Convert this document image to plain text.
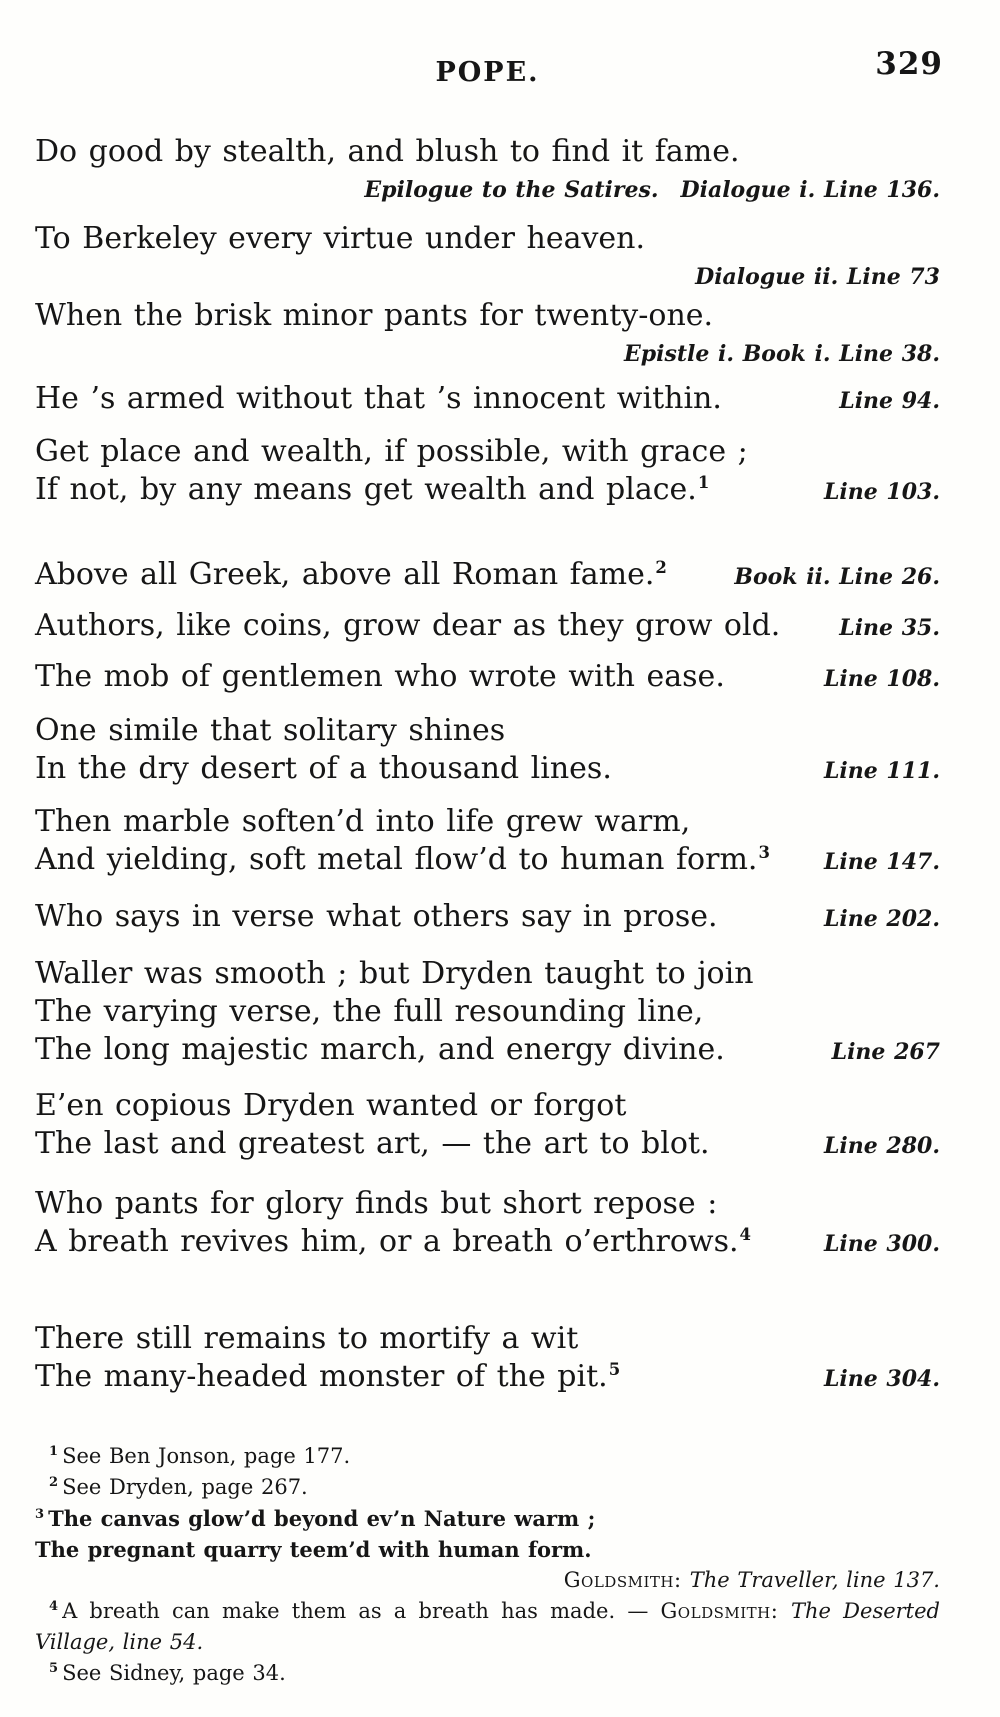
POPE.	329
Do good by stealth, and blush to find it fame.
Epilogue to the Satires. Dialogue i. Line 136.
To Berkeley every virtue under heaven.
Dialogue ii. Line 73
When the brisk minor pants for twenty-one.
Epistle i. Book i. Line 38.
He ’s armed without that ’s innocent within.	Line 94.
Get place and wealth, if possible, with grace ;
If not, by any means get wealth and place.$^1$	Line 103.
Above all Greek, above all Roman fame.$^2$	Book ii. Line 26.
Authors, like coins, grow dear as they grow old.	Line 35.
The mob of gentlemen who wrote with ease.	Line 108.
One simile that solitary shines
In the dry desert of a thousand lines.	Line 111.
Then marble soften’d into life grew warm,
And yielding, soft metal flow’d to human form.$^3$ Line 147.
Who says in verse what others say in prose.	Line 202.
Waller was smooth ; but Dryden taught to join
The varying verse, the full resounding line,
The long majestic march, and energy divine.	Line 267
E’en copious Dryden wanted or forgot
The last and greatest art, — the art to blot.	Line 280.
Who pants for glory finds but short repose :
A breath revives him, or a breath o’erthrows.$^4$	Line 300.
There still remains to mortify a wit
The many-headed monster of the pit.$^5$	Line 304.

$^1$ See Ben Jonson, page 177.

$^2$ See Dryden, page 267.

$^3$ The canvas glow’d beyond ev’n Nature warm ;

The pregnant quarry teem’d with human form.

Goldsmith: The Traveller, line 137.

$^4$ A breath can make them as a breath has made. — Goldsmith: The Deserted Village, line 54.

$^5$ See Sidney, page 34.
